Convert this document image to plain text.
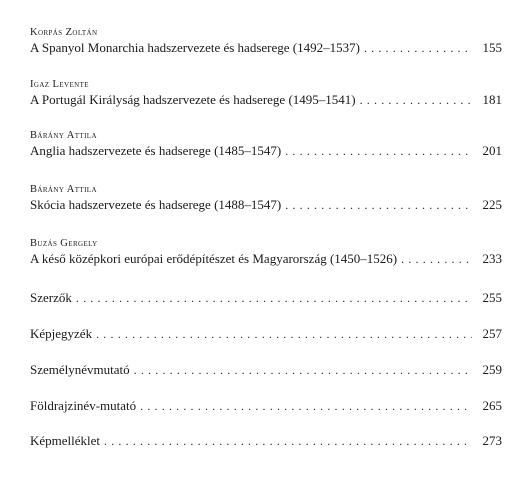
Korpás Zoltán
A Spanyol Monarchia hadszervezete és hadserege (1492–1537) . . .	155
Igaz Levente
A Portugál Királyság hadszervezete és hadserege (1495–1541) . . .	181
Bárány Attila
Anglia hadszervezete és hadserege (1485–1547) . . .	201
Bárány Attila
Skócia hadszervezete és hadserege (1488–1547) . . .	225
Buzás Gergely
A késő középkori európai erődépítészet és Magyarország (1450–1526) . . .	233
Szerzők . . .	255
Képjegyzék . . .	257
Személynévmutató . . .	259
Földrajzinév-mutató . . .	265
Képmelléklet . . .	273
